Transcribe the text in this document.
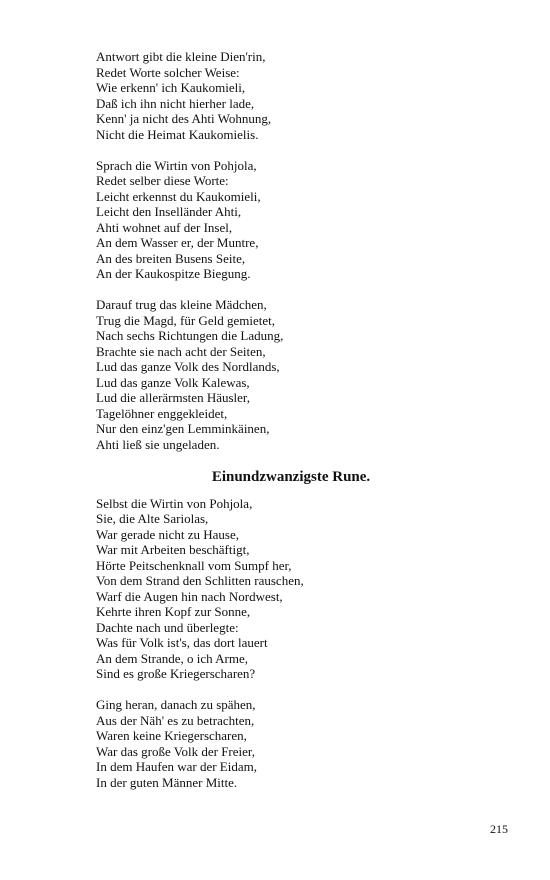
Antwort gibt die kleine Dien'rin,
Redet Worte solcher Weise:
Wie erkenn' ich Kaukomieli,
Daß ich ihn nicht hierher lade,
Kenn' ja nicht des Ahti Wohnung,
Nicht die Heimat Kaukomielis.
Sprach die Wirtin von Pohjola,
Redet selber diese Worte:
Leicht erkennst du Kaukomieli,
Leicht den Inselländer Ahti,
Ahti wohnet auf der Insel,
An dem Wasser er, der Muntre,
An des breiten Busens Seite,
An der Kaukospitze Biegung.
Darauf trug das kleine Mädchen,
Trug die Magd, für Geld gemietet,
Nach sechs Richtungen die Ladung,
Brachte sie nach acht der Seiten,
Lud das ganze Volk des Nordlands,
Lud das ganze Volk Kalewas,
Lud die allerärmsten Häusler,
Tagelöhner enggekleidet,
Nur den einz'gen Lemminkäinen,
Ahti ließ sie ungeladen.
Einundzwanzigste Rune.
Selbst die Wirtin von Pohjola,
Sie, die Alte Sariolas,
War gerade nicht zu Hause,
War mit Arbeiten beschäftigt,
Hörte Peitschenknall vom Sumpf her,
Von dem Strand den Schlitten rauschen,
Warf die Augen hin nach Nordwest,
Kehrte ihren Kopf zur Sonne,
Dachte nach und überlegte:
Was für Volk ist's, das dort lauert
An dem Strande, o ich Arme,
Sind es große Kriegerscharen?
Ging heran, danach zu spähen,
Aus der Näh' es zu betrachten,
Waren keine Kriegerscharen,
War das große Volk der Freier,
In dem Haufen war der Eidam,
In der guten Männer Mitte.
215
